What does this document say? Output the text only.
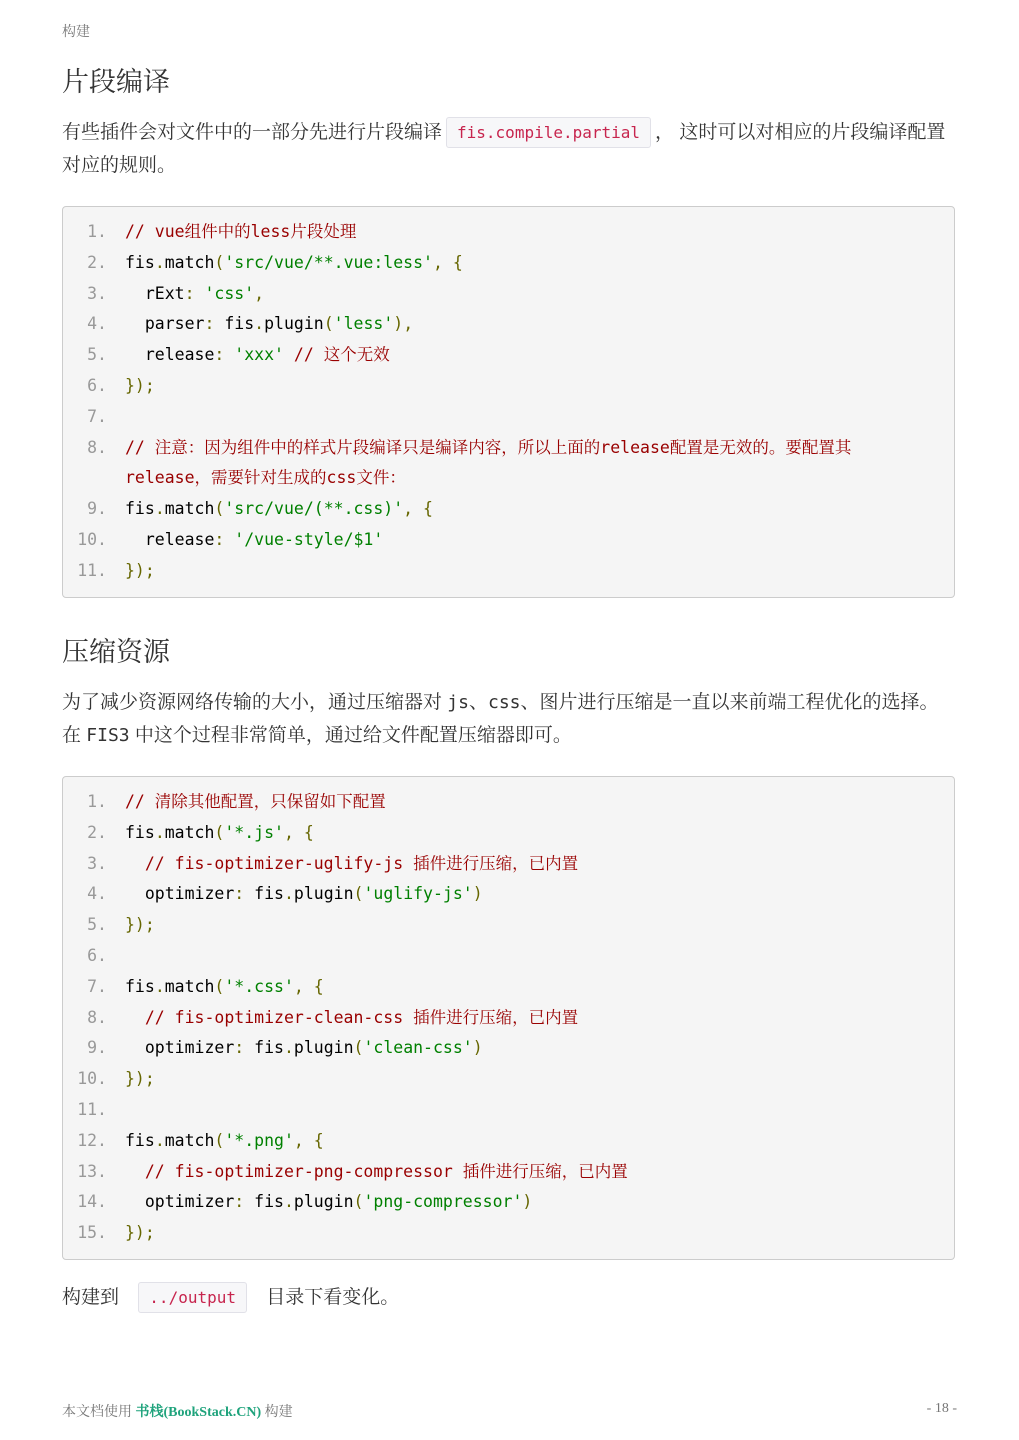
构建
片段编译

有些插件会对文件中的一部分先进行片段编译 fis.compile.partial ， 这时可以对相应的片段编译配置对应的规则。

1.	// vue组件中的less片段处理
2.	fis.match('src/vue/**.vue:less', {
3.	rExt: 'css',
4.	parser: fis.plugin('less'),
5.	release: 'xxx' // 这个无效
6.	});
7.

8.	// 注意：因为组件中的样式片段编译只是编译内容，所以上面的release配置是无效的。要配置其release，需要针对生成的css文件：
9.	fis.match('src/vue/(**.css)', {
10.	release: '/vue-style/$1'
11.	});
压缩资源

为了减少资源网络传输的大小，通过压缩器对 js、css、图片进行压缩是一直以来前端工程优化的选择。在 FIS3 中这个过程非常简单，通过给文件配置压缩器即可。

1.	// 清除其他配置，只保留如下配置
2.	fis.match('*.js', {
3.	// fis-optimizer-uglify-js 插件进行压缩，已内置
4.	optimizer: fis.plugin('uglify-js')
5.	});
6.

7.	fis.match('*.css', {
8.	// fis-optimizer-clean-css 插件进行压缩，已内置
9.	optimizer: fis.plugin('clean-css')
10.	});
11.

12.	fis.match('*.png', {
13.	// fis-optimizer-png-compressor 插件进行压缩，已内置
14.	optimizer: fis.plugin('png-compressor')
15.	});

构建到 ../output 目录下看变化。

本文档使用 书栈(BookStack.CN) 构建	- 18 -
